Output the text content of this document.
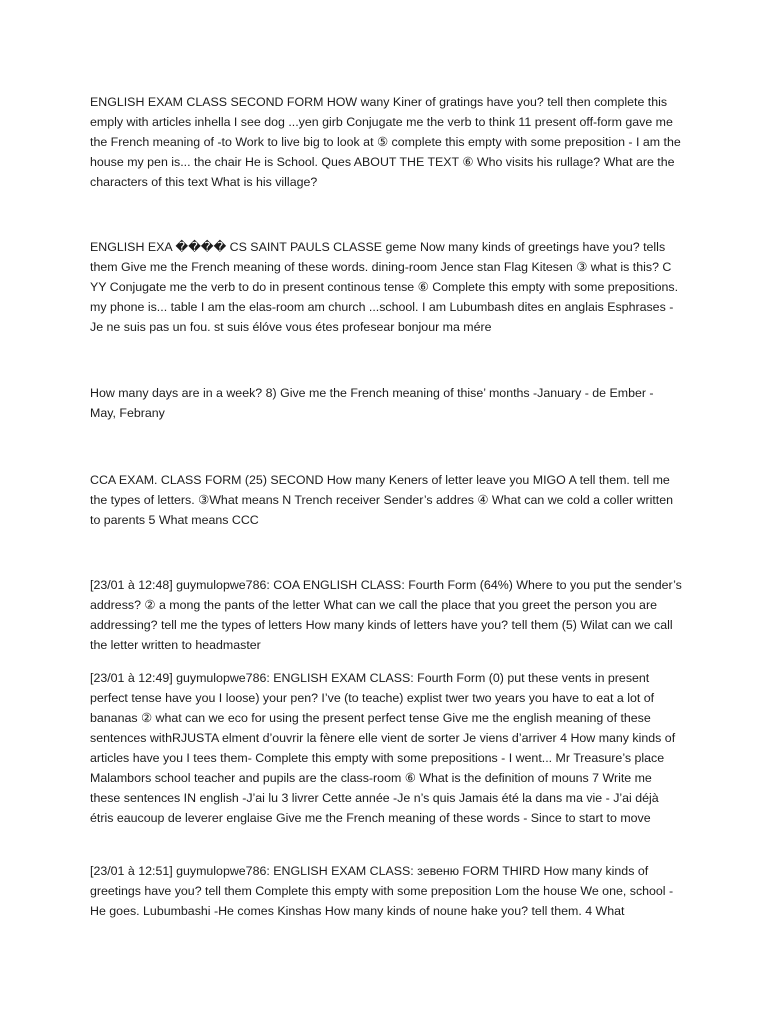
ENGLISH EXAM CLASS SECOND FORM HOW wany Kiner of gratings have you? tell then complete this emply with articles inhella I see dog ...yen girb Conjugate me the verb to think 11 present off-form gave me the French meaning of -to Work to live big to look at ⑤ complete this empty with some preposition - I am the house my pen is... the chair He is School. Ques ABOUT THE TEXT ⑥ Who visits his rullage? What are the characters of this text What is his village?

ENGLISH EXA ���� CS SAINT PAULS CLASSE geme Now many kinds of greetings have you? tells them Give me the French meaning of these words. dining-room Jence stan Flag Kitesen ③ what is this? C YY Conjugate me the verb to do in present continous tense ⑥ Complete this empty with some prepositions. my phone is... table I am the elas-room am church ...school. I am Lubumbash dites en anglais Esphrases -Je ne suis pas un fou. st suis élóve vous étes profesear bonjour ma mére

How many days are in a week? 8) Give me the French meaning of thise’ months -January - de Ember - May, Febrany

CCA EXAM. CLASS FORM (25) SECOND How many Keners of letter leave you MIGO A tell them. tell me the types of letters. ③What means N Trench receiver Sender’s addres ④ What can we cold a coller written to parents 5 What means CCC

[23/01 à 12:48] guymulopwe786: COA ENGLISH CLASS: Fourth Form (64%) Where to you put the sender’s address? ② a mong the pants of the letter What can we call the place that you greet the person you are addressing? tell me the types of letters How many kinds of letters have you? tell them (5) Wilat can we call the letter written to headmaster

[23/01 à 12:49] guymulopwe786: ENGLISH EXAM CLASS: Fourth Form (0) put these vents in present perfect tense have you I loose) your pen? I’ve (to teache) explist twer two years you have to eat a lot of bananas ② what can we eco for using the present perfect tense Give me the english meaning of these sentences withRJUSTA elment d’ouvrir la fènere elle vient de sorter Je viens d’arriver 4 How many kinds of articles have you I tees them- Complete this empty with some prepositions - I went... Mr Treasure’s place Malambors school teacher and pupils are the class-room ⑥ What is the definition of mouns 7 Write me these sentences IN english -J’ai lu 3 livrer Cette année -Je n’s quis Jamais été la dans ma vie - J’ai déjà étris eaucoup de leverer englaise Give me the French meaning of these words - Since to start to move

[23/01 à 12:51] guymulopwe786: ENGLISH EXAM CLASS: зевеню FORM THIRD How many kinds of greetings have you? tell them Complete this empty with some preposition Lom the house We one, school - He goes. Lubumbashi -He comes Kinshas How many kinds of noune hake you? tell them. 4 What
